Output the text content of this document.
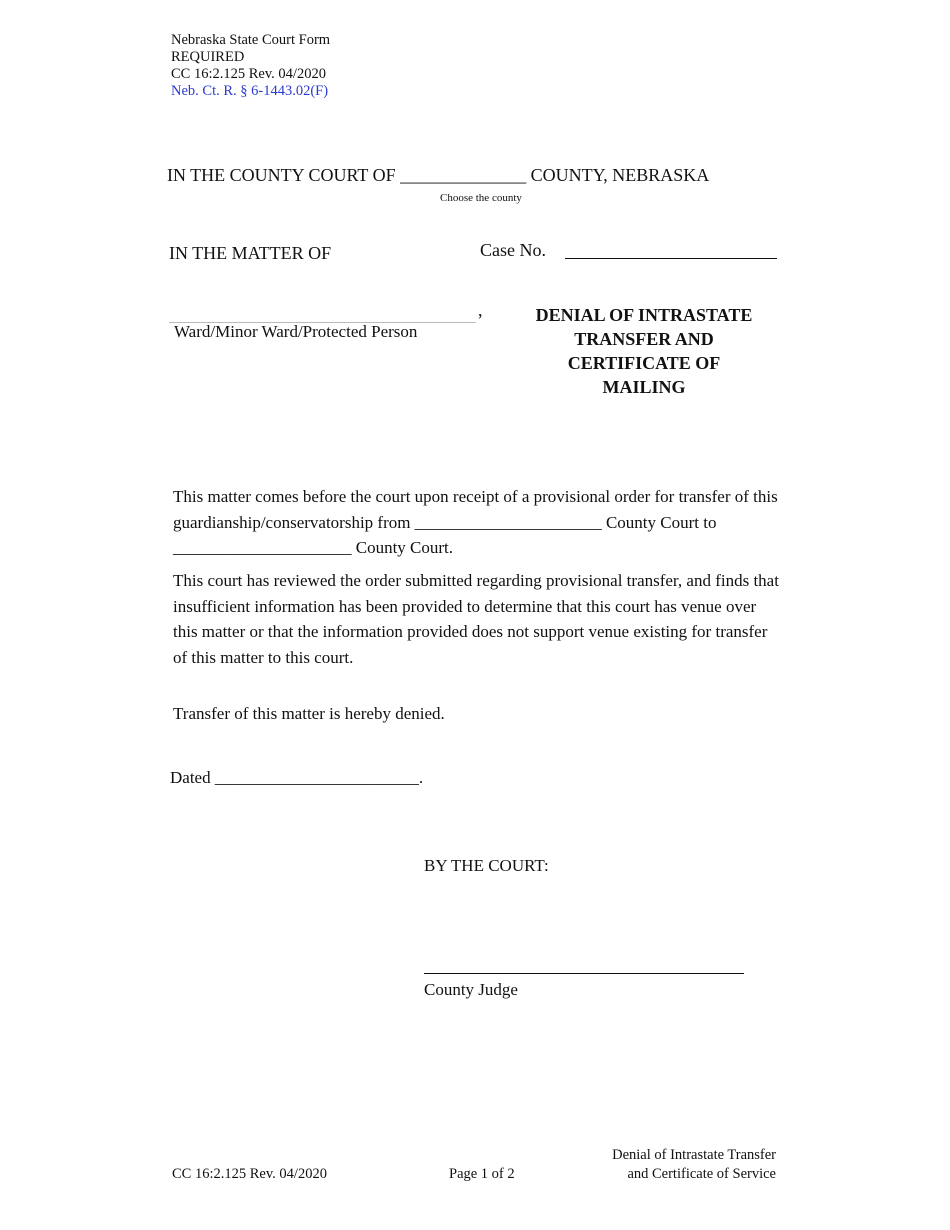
Nebraska State Court Form
REQUIRED
CC 16:2.125 Rev. 04/2020
Neb. Ct. R. § 6-1443.02(F)
IN THE COUNTY COURT OF ______________ COUNTY, NEBRASKA
Choose the county
IN THE MATTER OF	Case No.
,
Ward/Minor Ward/Protected Person
DENIAL OF INTRASTATE
TRANSFER AND
CERTIFICATE OF
MAILING
This matter comes before the court upon receipt of a provisional order for transfer of this guardianship/conservatorship from ______________________ County Court to _____________________ County Court.
This court has reviewed the order submitted regarding provisional transfer, and finds that insufficient information has been provided to determine that this court has venue over this matter or that the information provided does not support venue existing for transfer of this matter to this court.
Transfer of this matter is hereby denied.
Dated ________________________.
BY THE COURT:
County Judge
CC 16:2.125 Rev. 04/2020	Page 1 of 2
Denial of Intrastate Transfer
and Certificate of Service
